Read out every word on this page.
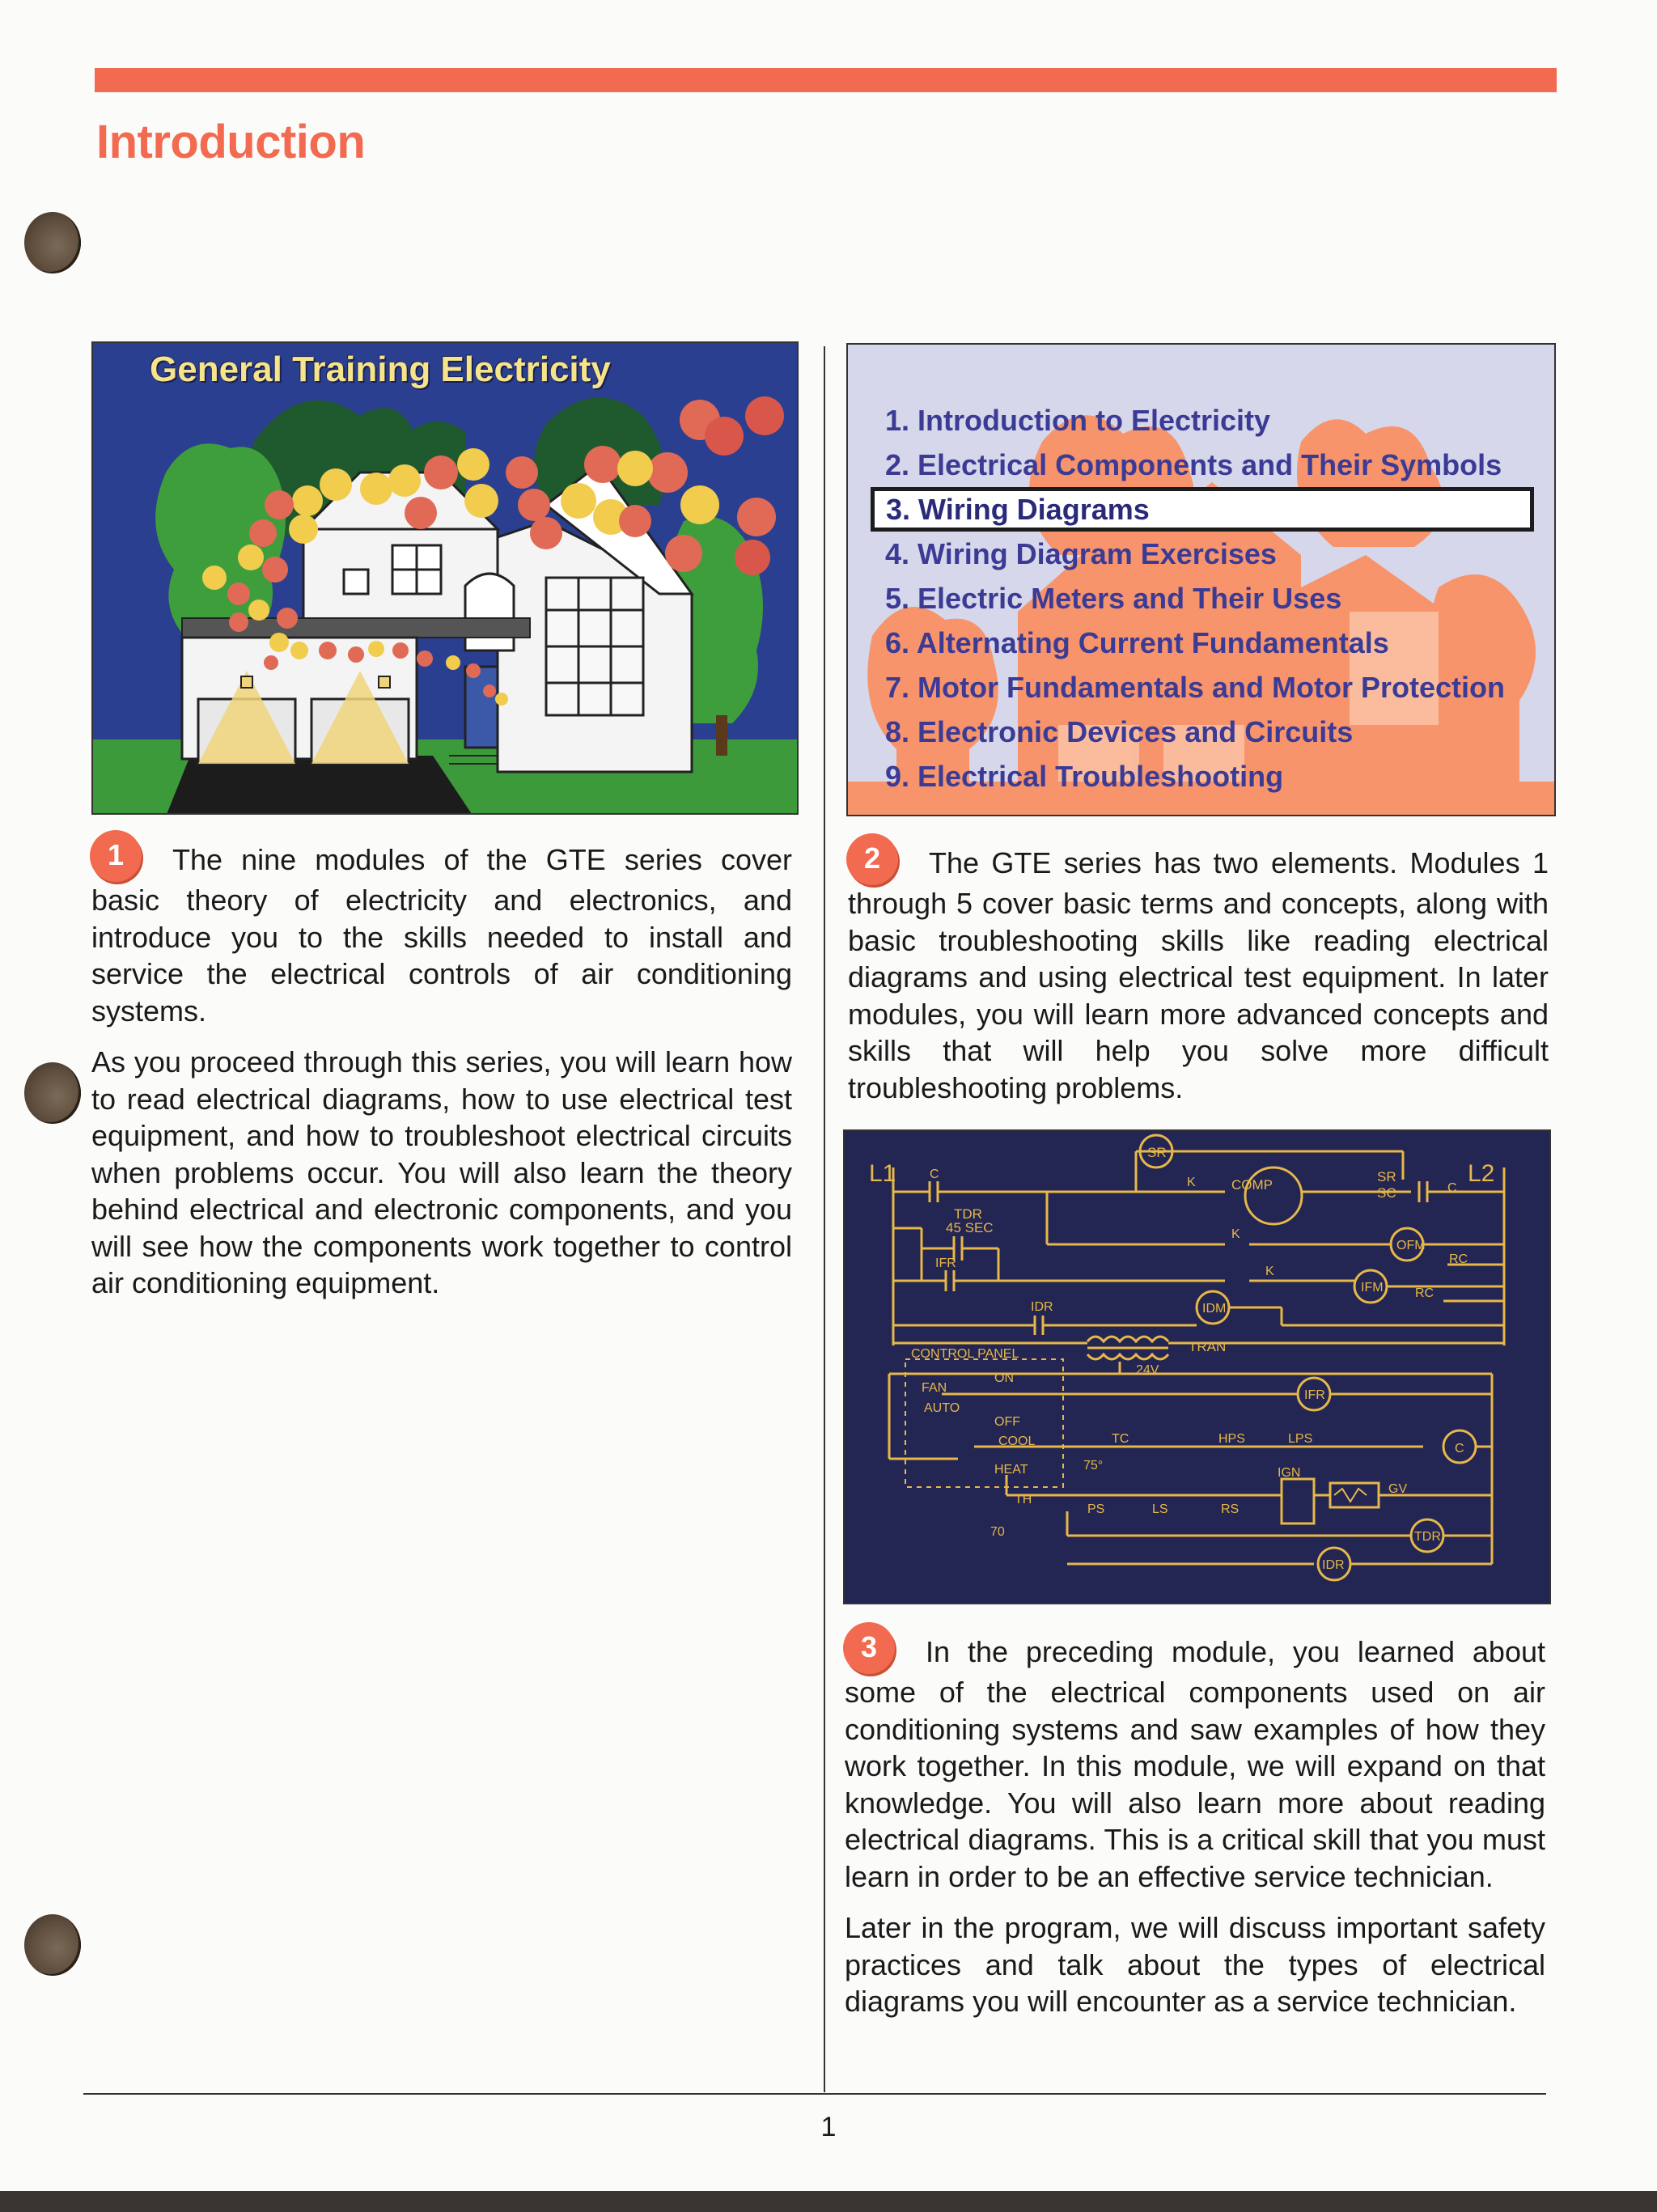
Introduction
General Training Electricity
1. Introduction to Electricity
2. Electrical Components and Their Symbols
3. Wiring Diagrams
4. Wiring Diagram Exercises
5. Electric Meters and Their Uses
6. Alternating Current Fundamentals
7. Motor Fundamentals and Motor Protection
8. Electronic Devices and Circuits
9. Electrical Troubleshooting
L1	L2
C
C
SR
K	COMP
SR
SC
TDR
45 SEC	K
OFM
RC
IFR
K
IFM RC
IDR	IDM
TRAN
24V
CONTROL PANEL
ON
FAN
AUTO
OFF
COOL
HEAT
IFR
TC
75°
HPS	LPS
C
IGN
GV
TH
70
PS	LS	RS
TDR
IDR

1 The nine modules of the GTE series cover basic theory of electricity and electronics, and introduce you to the skills needed to install and service the electrical controls of air conditioning systems.

As you proceed through this series, you will learn how to read electrical diagrams, how to use electrical test equipment, and how to troubleshoot electrical circuits when problems occur. You will also learn the theory behind electrical and electronic components, and you will see how the components work together to control air conditioning equipment.

2 The GTE series has two elements. Modules 1 through 5 cover basic terms and concepts, along with basic troubleshooting skills like reading electrical diagrams and using electrical test equipment. In later modules, you will learn more advanced concepts and skills that will help you solve more difficult troubleshooting problems.

3 In the preceding module, you learned about some of the electrical components used on air conditioning systems and saw examples of how they work together. In this module, we will expand on that knowledge. You will also learn more about reading electrical diagrams. This is a critical skill that you must learn in order to be an effective service technician.

Later in the program, we will discuss important safety practices and talk about the types of electrical diagrams you will encounter as a service technician.

1
